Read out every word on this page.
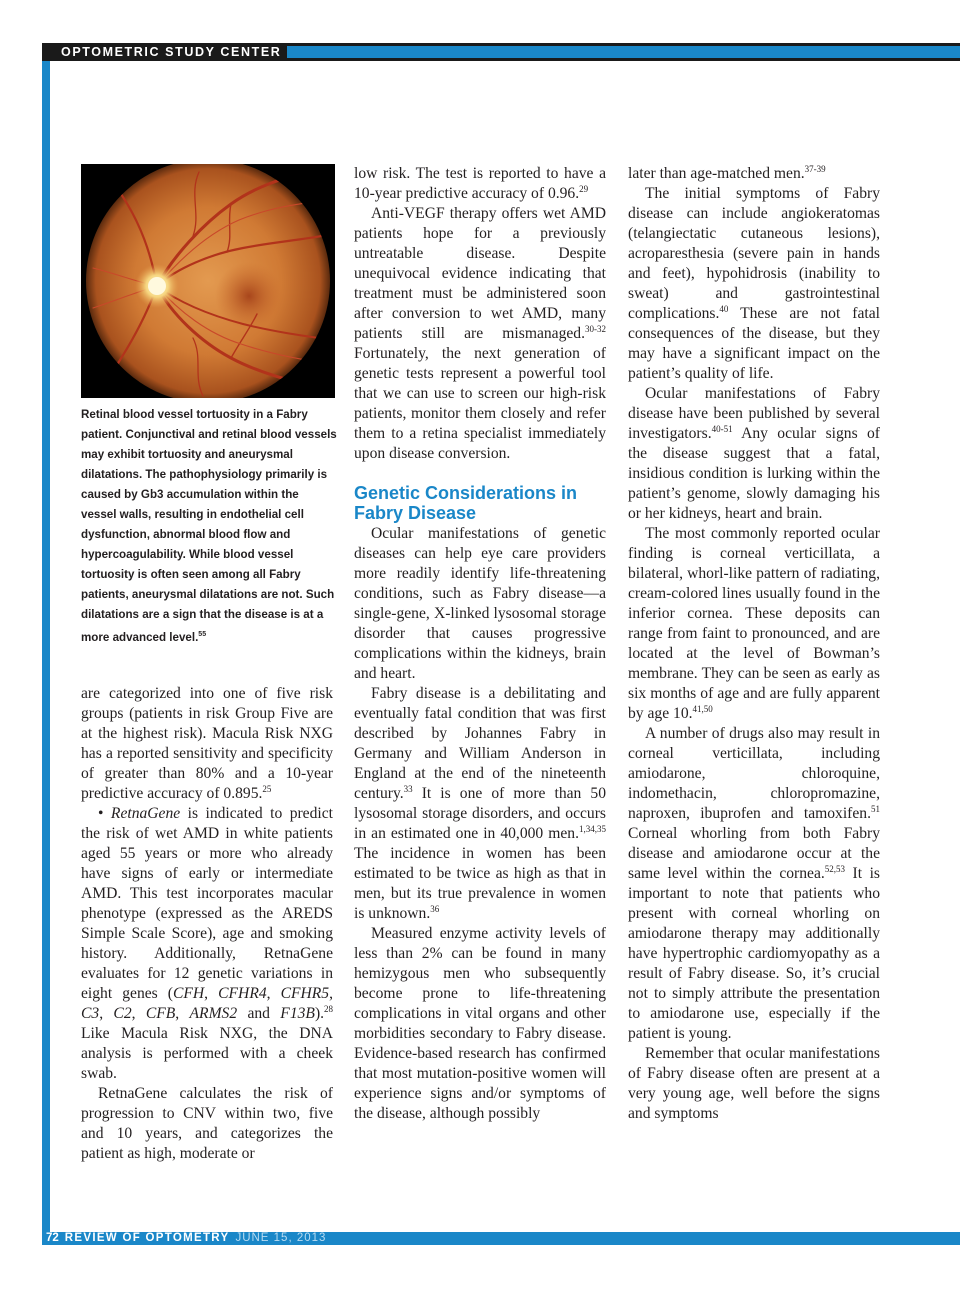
OPTOMETRIC STUDY CENTER

Retinal blood vessel tortuosity in a Fabry patient. Conjunctival and retinal blood vessels may exhibit tortuosity and aneurysmal dilatations. The pathophysiology primarily is caused by Gb3 accumulation within the vessel walls, resulting in endothelial cell dysfunction, abnormal blood flow and hypercoagulability. While blood vessel tortuosity is often seen among all Fabry patients, aneurysmal dilatations are not. Such dilatations are a sign that the disease is at a more advanced level.$^{55}$

are categorized into one of five risk groups (patients in risk Group Five are at the highest risk). Macula Risk NXG has a reported sensitivity and specificity of greater than 80% and a 10-year predictive accuracy of 0.895.25

• RetnaGene is indicated to predict the risk of wet AMD in white patients aged 55 years or more who already have signs of early or intermediate AMD. This test incorporates macular phenotype (expressed as the AREDS Simple Scale Score), age and smoking history. Additionally, RetnaGene evaluates for 12 genetic variations in eight genes (CFH, CFHR4, CFHR5, C3, C2, CFB, ARMS2 and F13B).$^{28}$ Like Macula Risk NXG, the DNA analysis is performed with a cheek swab.

RetnaGene calculates the risk of progression to CNV within two, five and 10 years, and categorizes the patient as high, moderate or

low risk. The test is reported to have a 10-year predictive accuracy of 0.96.29

Anti-VEGF therapy offers wet AMD patients hope for a previously untreatable disease. Despite unequivocal evidence indicating that treatment must be administered soon after conversion to wet AMD, many patients still are mismanaged.$^{30-32}$ Fortunately, the next generation of genetic tests represent a powerful tool that we can use to screen our high-risk patients, monitor them closely and refer them to a retina specialist immediately upon disease conversion.

Genetic Considerations in
Fabry Disease

Ocular manifestations of genetic diseases can help eye care providers more readily identify life-threatening conditions, such as Fabry disease—a single-gene, X-linked lysosomal storage disorder that causes progressive complications within the kidneys, brain and heart.

Fabry disease is a debilitating and eventually fatal condition that was first described by Johannes Fabry in Germany and William Anderson in England at the end of the nineteenth century.$^{33}$ It is one of more than 50 lysosomal storage disorders, and occurs in an estimated one in 40,000 men.$^{1,34,35}$ The incidence in women has been estimated to be twice as high as that in men, but its true prevalence in women is unknown.$^{36}$

Measured enzyme activity levels of less than 2% can be found in many hemizygous men who subsequently become prone to life-threatening complications in vital organs and other morbidities secondary to Fabry disease. Evidence-based research has confirmed that most mutation-positive women will experience signs and/or symptoms of the disease, although possibly

later than age-matched men.$^{37-39}$

The initial symptoms of Fabry disease can include angiokeratomas (telangiectatic cutaneous lesions), acroparesthesia (severe pain in hands and feet), hypohidrosis (inability to sweat) and gastrointestinal complications.$^{40}$ These are not fatal consequences of the disease, but they may have a significant impact on the patient’s quality of life.

Ocular manifestations of Fabry disease have been published by several investigators.$^{40-51}$ Any ocular signs of the disease suggest that a fatal, insidious condition is lurking within the patient’s genome, slowly damaging his or her kidneys, heart and brain.

The most commonly reported ocular finding is corneal verticillata, a bilateral, whorl-like pattern of radiating, cream-colored lines usually found in the inferior cornea. These deposits can range from faint to pronounced, and are located at the level of Bowman’s membrane. They can be seen as early as six months of age and are fully apparent by age 10.$^{41,50}$

A number of drugs also may result in corneal verticillata, including amiodarone, chloroquine, indomethacin, chloropromazine, naproxen, ibuprofen and tamoxifen.$^{51}$ Corneal whorling from both Fabry disease and amiodarone occur at the same level within the cornea.$^{52,53}$ It is important to note that patients who present with corneal whorling on amiodarone therapy may additionally have hypertrophic cardiomyopathy as a result of Fabry disease. So, it’s crucial not to simply attribute the presentation to amiodarone use, especially if the patient is young.

Remember that ocular manifestations of Fabry disease often are present at a very young age, well before the signs and symptoms

72 REVIEW OF OPTOMETRY JUNE 15, 2013
